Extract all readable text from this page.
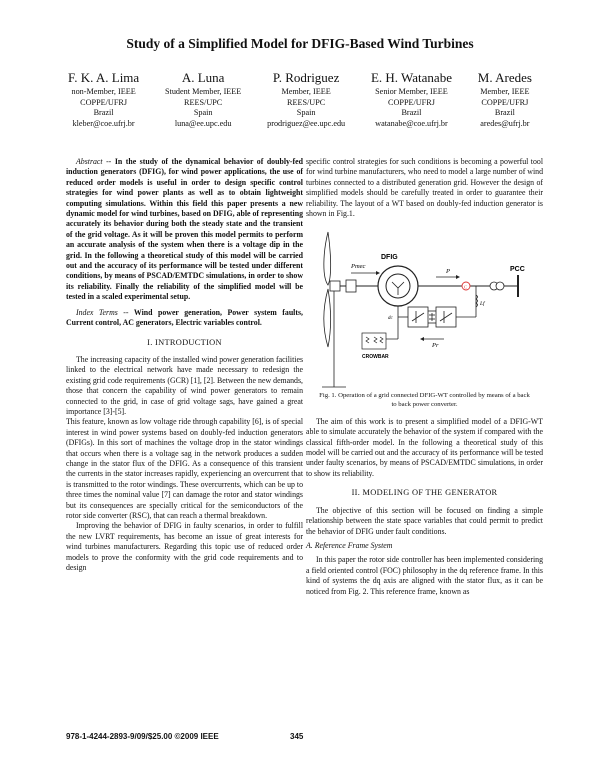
Study of a Simplified Model for DFIG-Based Wind Turbines
F. K. A. Lima
non-Member, IEEE
COPPE/UFRJ
Brazil
kleber@coe.ufrj.br
A. Luna
Student Member, IEEE
REES/UPC
Spain
luna@ee.upc.edu
P. Rodriguez
Member, IEEE
REES/UPC
Spain
prodriguez@ee.upc.edu
E. H. Watanabe
Senior Member, IEEE
COPPE/UFRJ
Brazil
watanabe@coe.ufrj.br
M. Aredes
Member, IEEE
COPPE/UFRJ
Brazil
aredes@ufrj.br

Abstract -- In the study of the dynamical behavior of doubly-fed induction generators (DFIG), for wind power applications, the use of reduced order models is useful in order to design specific control strategies for wind power plants as well as to obtain lightweight computing simulations. Within this field this paper presents a new dynamic model for wind turbines, based on DFIG, able of representing accurately its behavior during both the steady state and the transient of the grid voltage. As it will be proven this model permits to perform an accurate analysis of the system when there is a voltage dip in the grid. In the following a theoretical study of this model will be carried out and the accuracy of its performance will be tested under different conditions, by means of PSCAD/EMTDC simulations, in order to show its reliability. Finally the reliability of the simplified model will be tested in a scaled experimental setup.

Index Terms -- Wind power generation, Power system faults, Current control, AC generators, Electric variables control.

I. INTRODUCTION

The increasing capacity of the installed wind power generation facilities linked to the electrical network have made necessary to redesign the existing grid code requirements (GCR) [1], [2]. Between the new demands, those that concern the capability of wind power generators to remain connected to the grid, in case of grid voltage sags, have gained a great importance [3]-[5].

This feature, known as low voltage ride through capability [6], is of special interest in wind power systems based on doubly-fed induction generators (DFIGs). In this sort of machines the voltage drop in the stator windings that occurs when there is a voltage sag in the network produces a sudden change in the stator flux of the DFIG. As a consequence of this transient the currents in the stator increases rapidly, experiencing an overcurrent that is transmitted to the rotor windings. These overcurrents, which can be up to three times the nominal value [7] can damage the rotor and stator windings but its consequences are specially critical for the semiconductors of the rotor side converter (RSC), that can reach a thermal breakdown.

Improving the behavior of DFIG in faulty scenarios, in order to fulfill the new LVRT requirements, has become an issue of great interests for wind turbines manufacturers. Regarding this topic use of reduced order models to prove the conformity with the grid code requirements and to design

specific control strategies for such conditions is becoming a powerful tool for wind turbine manufacturers, who need to model a large number of wind turbines connected to a distributed generation grid. However the design of simplified models should be carefully treated in order to guarantee their reliability. The layout of a WT based on doubly-fed induction generator is shown in Fig.1.

Pmec
DFIG
P
C
PCC
Lf
dc
Pr
CROWBAR
Fig. 1. Operation of a grid connected DFIG-WT controlled by means of a back to back power converter.

The aim of this work is to present a simplified model of a DFIG-WT able to simulate accurately the behavior of the system if compared with the classical fifth-order model. In the following a theoretical study of this model will be carried out and the accuracy of its performance will be tested under faulty scenarios, by means of PSCAD/EMTDC simulations, in order to show its reliability.

II. MODELING OF THE GENERATOR

The objective of this section will be focused on finding a simple relationship between the state space variables that could permit to predict the behavior of DFIG under fault conditions.

A. Reference Frame System

In this paper the rotor side controller has been implemented considering a field oriented control (FOC) philosophy in the dq reference frame. In this kind of systems the dq axis are aligned with the stator flux, as it can be noticed from Fig. 2. This reference frame, known as

978-1-4244-2893-9/09/$25.00 ©2009 IEEE	345
